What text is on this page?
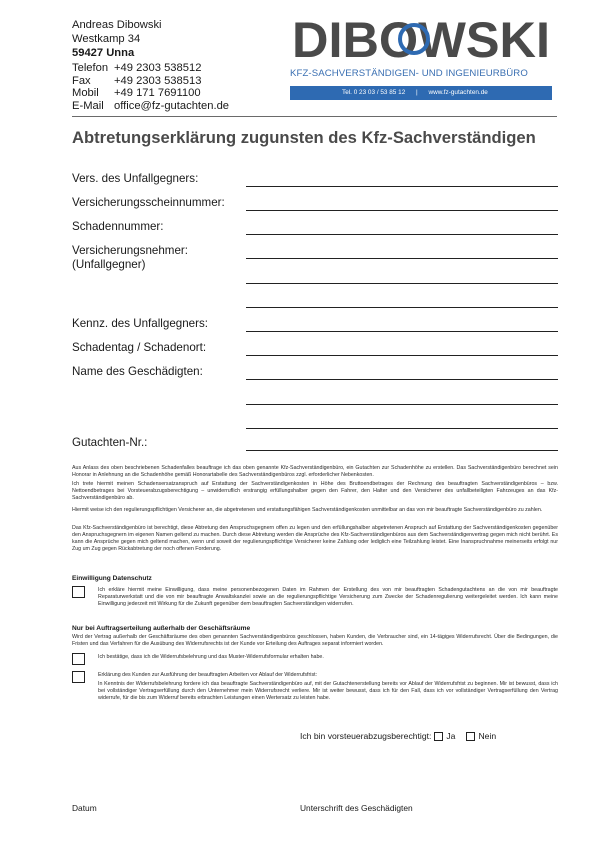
Andreas Dibowski
Westkamp 34
59427 Unna
Telefon +49 2303 538512
Fax	+49 2303 538513
Mobil	+49 171 7691100
E-Mail office@fz-gutachten.de
DIBOWSKI
KFZ-SACHVERSTÄNDIGEN- UND INGENIEURBÜRO
Tel. 0 23 03 / 53 85 12 | www.fz-gutachten.de
Abtretungserklärung zugunsten des Kfz-Sachverständigen
Vers. des Unfallgegners:
Versicherungsscheinnummer:
Schadennummer:
Versicherungsnehmer:
(Unfallgegner)
Kennz. des Unfallgegners:
Schadentag / Schadenort:
Name des Geschädigten:
Gutachten-Nr.:
Aus Anlass des oben beschriebenen Schadenfalles beauftrage ich das oben genannte Kfz-Sachverständigenbüro, ein Gutachten zur Schadenhöhe zu erstellen. Das Sachverständigenbüro berechnet sein Honorar in Anlehnung an die Schadenhöhe gemäß Honorartabelle des Sachverständigenbüros zzgl. erforderlicher Nebenkosten.
Ich trete hiermit meinen Schadensersatzanspruch auf Erstattung der Sachverständigenkosten in Höhe des Bruttoendbetrages der Rechnung des beauftragten Sachverständigenbüros – bzw. Nettoendbetrages bei Vorsteuerabzugsberechtigung – unwiderruflich erstrangig erfüllungshalber gegen den Fahrer, den Halter und den Versicherer des unfallbeteiligten Fahrzeuges an das Kfz-Sachverständigenbüro ab.
Hiermit weise ich den regulierungspflichtigen Versicherer an, die abgetretenen und erstattungsfähigen Sachverständigenkosten unmittelbar an das von mir beauftragte Sachverständigenbüro zu zahlen.
Das Kfz-Sachverständigenbüro ist berechtigt, diese Abtretung den Anspruchsgegnern offen zu legen und den erfüllungshalber abgetretenen Anspruch auf Erstattung der Sachverständigenkosten gegenüber den Anspruchsgegnern im eigenen Namen geltend zu machen. Durch diese Abtretung werden die Ansprüche des Kfz-Sachverständigenbüros aus dem Sachverständigenvertrag gegen mich nicht berührt. Es kann die Ansprüche gegen mich geltend machen, wenn und soweit der regulierungspflichtige Versicherer keine Zahlung oder lediglich eine Teilzahlung leistet. Eine Inanspruchnahme meinerseits erfolgt nur Zug um Zug gegen Rückabtretung der noch offenen Forderung.
Einwilligung Datenschutz
Ich erkläre hiermit meine Einwilligung, dass meine personenbezogenen Daten im Rahmen der Erstellung des von mir beauftragten Schadengutachtens an die von mir beauftragte Reparaturwerkstatt und die von mir beauftragte Anwaltskanzlei sowie an die regulierungspflichtige Versicherung zum Zwecke der Schadenregulierung weitergeleitet werden. Ich kann meine Einwilligung jederzeit mit Wirkung für die Zukunft gegenüber dem beauftragten Sachverständigen widerrufen.
Nur bei Auftragserteilung außerhalb der Geschäftsräume
Wird der Vertrag außerhalb der Geschäftsräume des oben genannten Sachverständigenbüros geschlossen, haben Kunden, die Verbraucher sind, ein 14-tägiges Widerrufsrecht. Über die Bedingungen, die Fristen und das Verfahren für die Ausübung des Widerrufsrechts ist der Kunde vor Erteilung des Auftrages separat informiert worden.
Ich bestätige, dass ich die Widerrufsbelehrung und das Muster-Widerrufsformular erhalten habe.
Erklärung des Kunden zur Ausführung der beauftragten Arbeiten vor Ablauf der Widerrufsfrist:
In Kenntnis der Widerrufsbelehrung fordere ich das beauftragte Sachverständigenbüro auf, mit der Gutachtenerstellung bereits vor Ablauf der Widerrufsfrist zu beginnen. Mir ist bewusst, dass ich bei vollständiger Vertragserfüllung durch den Unternehmer mein Widerrufsrecht verliere. Mir ist weiter bewusst, dass ich für den Fall, dass ich vor vollständiger Vertragserfüllung den Vertrag widerrufe, für die bis zum Widerruf bereits erbrachten Leistungen einen Wertersatz zu leisten habe.
Ich bin vorsteuerabzugsberechtigt: Ja	Nein
Datum	Unterschrift des Geschädigten
